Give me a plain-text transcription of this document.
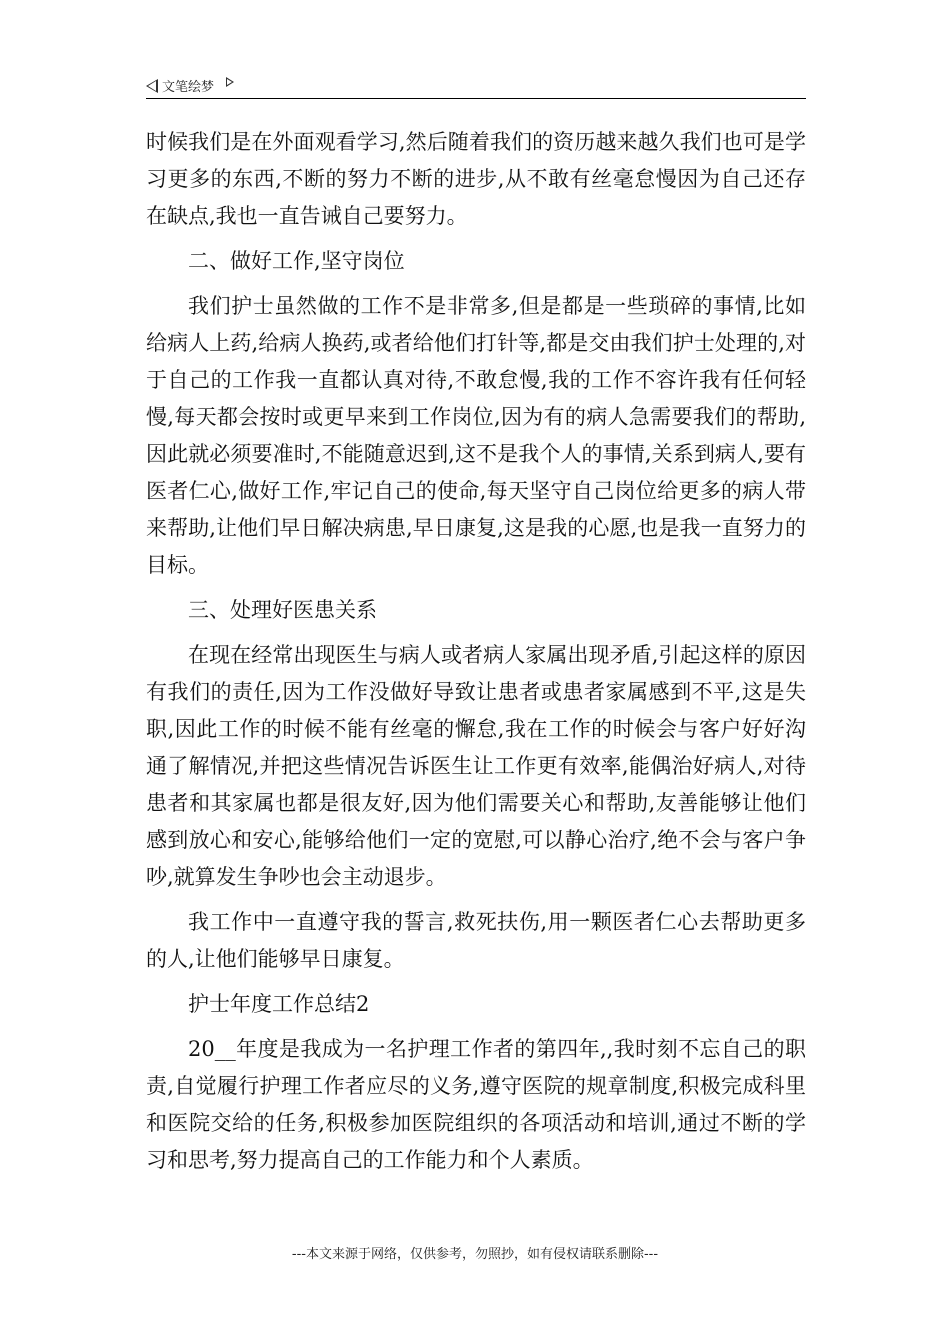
文笔绘梦

时候我们是在外面观看学习,然后随着我们的资历越来越久我们也可是学习更多的东西,不断的努力不断的进步,从不敢有丝毫怠慢因为自己还存在缺点,我也一直告诫自己要努力。

二、做好工作,坚守岗位

我们护士虽然做的工作不是非常多,但是都是一些琐碎的事情,比如给病人上药,给病人换药,或者给他们打针等,都是交由我们护士处理的,对于自己的工作我一直都认真对待,不敢怠慢,我的工作不容许我有任何轻慢,每天都会按时或更早来到工作岗位,因为有的病人急需要我们的帮助,因此就必须要准时,不能随意迟到,这不是我个人的事情,关系到病人,要有医者仁心,做好工作,牢记自己的使命,每天坚守自己岗位给更多的病人带来帮助,让他们早日解决病患,早日康复,这是我的心愿,也是我一直努力的目标。

三、处理好医患关系

在现在经常出现医生与病人或者病人家属出现矛盾,引起这样的原因有我们的责任,因为工作没做好导致让患者或患者家属感到不平,这是失职,因此工作的时候不能有丝毫的懈怠,我在工作的时候会与客户好好沟通了解情况,并把这些情况告诉医生让工作更有效率,能偶治好病人,对待患者和其家属也都是很友好,因为他们需要关心和帮助,友善能够让他们感到放心和安心,能够给他们一定的宽慰,可以静心治疗,绝不会与客户争吵,就算发生争吵也会主动退步。

我工作中一直遵守我的誓言,救死扶伤,用一颗医者仁心去帮助更多的人,让他们能够早日康复。

护士年度工作总结2

20__年度是我成为一名护理工作者的第四年,,我时刻不忘自己的职责,自觉履行护理工作者应尽的义务,遵守医院的规章制度,积极完成科里和医院交给的任务,积极参加医院组织的各项活动和培训,通过不断的学习和思考,努力提高自己的工作能力和个人素质。

---本文来源于网络，仅供参考，勿照抄，如有侵权请联系删除---
